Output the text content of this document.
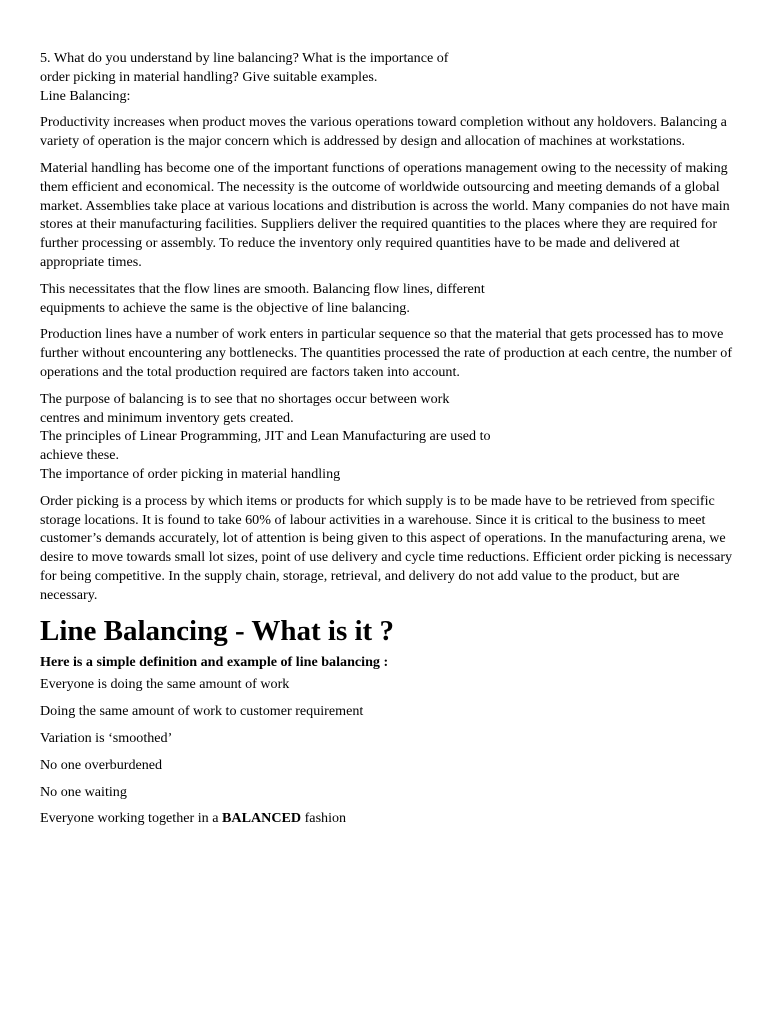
5. What do you understand by line balancing? What is the importance of
order picking in material handling? Give suitable examples.
Line Balancing:

Productivity increases when product moves the various operations toward completion without any holdovers. Balancing a variety of operation is the major concern which is addressed by design and allocation of machines at workstations.

Material handling has become one of the important functions of operations management owing to the necessity of making them efficient and economical. The necessity is the outcome of worldwide outsourcing and meeting demands of a global market. Assemblies take place at various locations and distribution is across the world. Many companies do not have main stores at their manufacturing facilities. Suppliers deliver the required quantities to the places where they are required for further processing or assembly. To reduce the inventory only required quantities have to be made and delivered at appropriate times.

This necessitates that the flow lines are smooth. Balancing flow lines, different
equipments to achieve the same is the objective of line balancing.

Production lines have a number of work enters in particular sequence so that the material that gets processed has to move further without encountering any bottlenecks. The quantities processed the rate of production at each centre, the number of operations and the total production required are factors taken into account.

The purpose of balancing is to see that no shortages occur between work
centres and minimum inventory gets created.
The principles of Linear Programming, JIT and Lean Manufacturing are used to
achieve these.
The importance of order picking in material handling

Order picking is a process by which items or products for which supply is to be made have to be retrieved from specific storage locations. It is found to take 60% of labour activities in a warehouse. Since it is critical to the business to meet customer’s demands accurately, lot of attention is being given to this aspect of operations. In the manufacturing arena, we desire to move towards small lot sizes, point of use delivery and cycle time reductions. Efficient order picking is necessary for being competitive. In the supply chain, storage, retrieval, and delivery do not add value to the product, but are necessary.

Line Balancing - What is it ?
Here is a simple definition and example of line balancing :
Everyone is doing the same amount of work
Doing the same amount of work to customer requirement
Variation is ‘smoothed’
No one overburdened
No one waiting
Everyone working together in a BALANCED fashion
